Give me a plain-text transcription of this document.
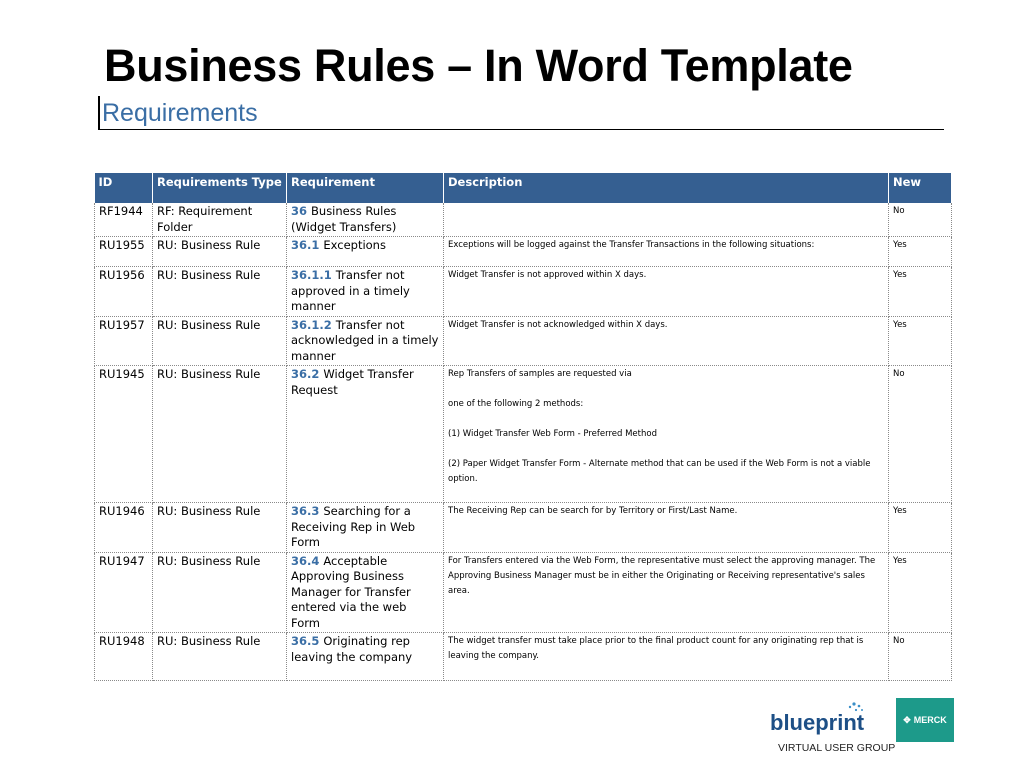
Business Rules – In Word Template
Requirements
ID	Requirements Type	Requirement	Description	New
RF1944	RF: Requirement Folder	36 Business Rules (Widget Transfers)		No
RU1955	RU: Business Rule	36.1 Exceptions	Exceptions will be logged against the Transfer Transactions in the following situations:	Yes
RU1956	RU: Business Rule	36.1.1 Transfer not approved in a timely manner	Widget Transfer is not approved within X days.	Yes
RU1957	RU: Business Rule	36.1.2 Transfer not acknowledged in a timely manner	Widget Transfer is not acknowledged within X days.	Yes
RU1945	RU: Business Rule	36.2 Widget Transfer Request	Rep Transfers of samples are requested via

one of the following 2 methods:

(1) Widget Transfer Web Form - Preferred Method

(2) Paper Widget Transfer Form - Alternate method that can be used if the Web Form is not a viable option.	No
RU1946	RU: Business Rule	36.3 Searching for a Receiving Rep in Web Form	The Receiving Rep can be search for by Territory or First/Last Name.	Yes
RU1947	RU: Business Rule	36.4 Acceptable Approving Business Manager for Transfer entered via the web Form	For Transfers entered via the Web Form, the representative must select the approving manager. The Approving Business Manager must be in either the Originating or Receiving representative's sales area.	Yes
RU1948	RU: Business Rule	36.5 Originating rep leaving the company	The widget transfer must take place prior to the final product count for any originating rep that is leaving the company.	No
blueprint
VIRTUAL USER GROUP
✥ MERCK
